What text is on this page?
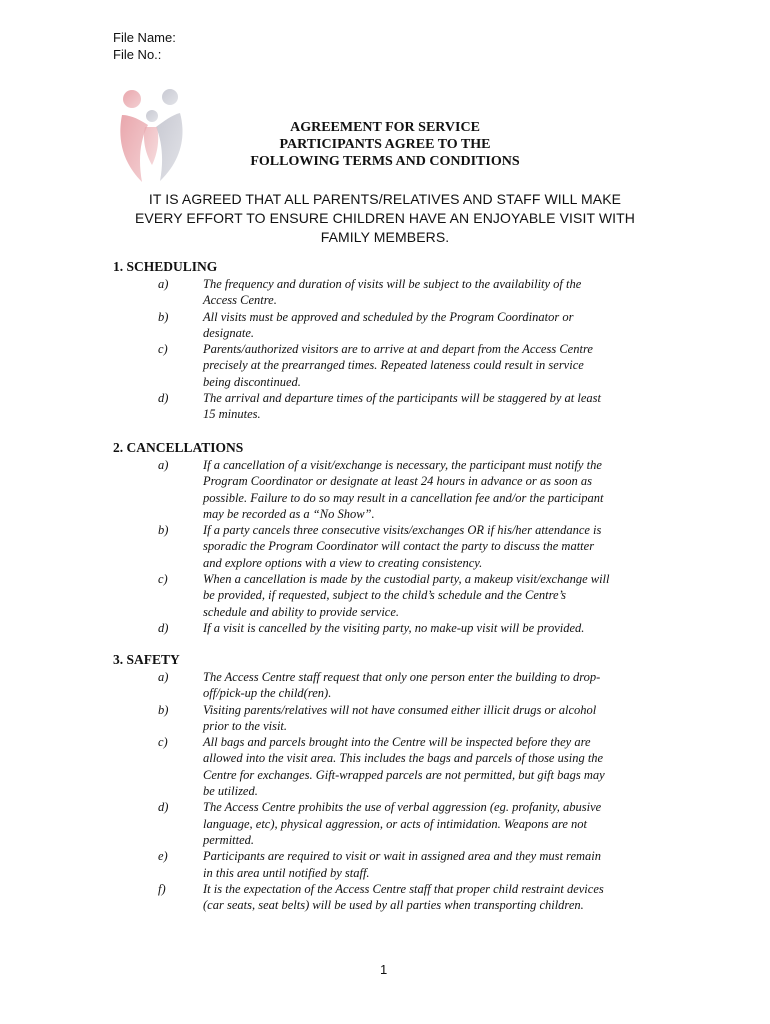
File Name:
File No.:
AGREEMENT FOR SERVICE
PARTICIPANTS AGREE TO THE
FOLLOWING TERMS AND CONDITIONS
IT IS AGREED THAT ALL PARENTS/RELATIVES AND STAFF WILL MAKE
EVERY EFFORT TO ENSURE CHILDREN HAVE AN ENJOYABLE VISIT WITH
FAMILY MEMBERS.
1. SCHEDULING
a)	The frequency and duration of visits will be subject to the availability of the
Access Centre.
b)	All visits must be approved and scheduled by the Program Coordinator or
designate.
c)	Parents/authorized visitors are to arrive at and depart from the Access Centre
precisely at the prearranged times. Repeated lateness could result in service
being discontinued.
d)	The arrival and departure times of the participants will be staggered by at least
15 minutes.
2. CANCELLATIONS
a)	If a cancellation of a visit/exchange is necessary, the participant must notify the
Program Coordinator or designate at least 24 hours in advance or as soon as
possible. Failure to do so may result in a cancellation fee and/or the participant
may be recorded as a “No Show”.
b)	If a party cancels three consecutive visits/exchanges OR if his/her attendance is
sporadic the Program Coordinator will contact the party to discuss the matter
and explore options with a view to creating consistency.
c)	When a cancellation is made by the custodial party, a makeup visit/exchange will
be provided, if requested, subject to the child’s schedule and the Centre’s
schedule and ability to provide service.
d)	If a visit is cancelled by the visiting party, no make-up visit will be provided.
3. SAFETY
a)	The Access Centre staff request that only one person enter the building to drop-
off/pick-up the child(ren).
b)	Visiting parents/relatives will not have consumed either illicit drugs or alcohol
prior to the visit.
c)	All bags and parcels brought into the Centre will be inspected before they are
allowed into the visit area. This includes the bags and parcels of those using the
Centre for exchanges. Gift-wrapped parcels are not permitted, but gift bags may
be utilized.
d)	The Access Centre prohibits the use of verbal aggression (eg. profanity, abusive
language, etc), physical aggression, or acts of intimidation. Weapons are not
permitted.
e)	Participants are required to visit or wait in assigned area and they must remain
in this area until notified by staff.
f)	It is the expectation of the Access Centre staff that proper child restraint devices
(car seats, seat belts) will be used by all parties when transporting children.
1
